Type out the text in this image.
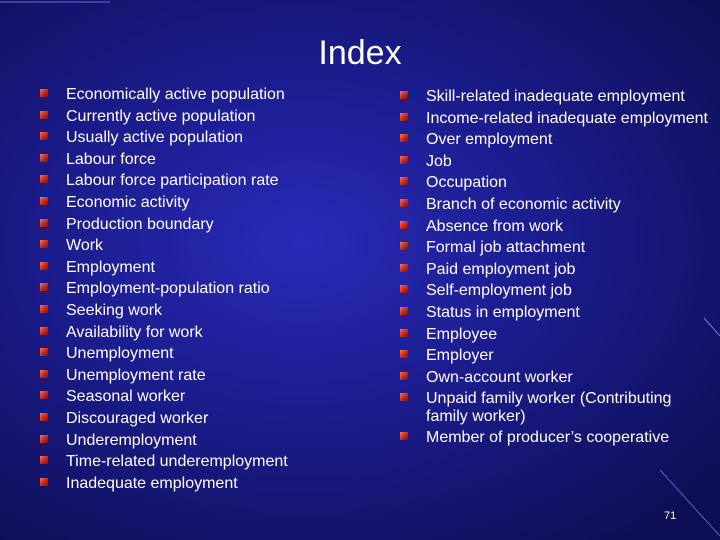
Index
Economically active population
Currently active population
Usually active population
Labour force
Labour force participation rate
Economic activity
Production boundary
Work
Employment
Employment-population ratio
Seeking work
Availability for work
Unemployment
Unemployment rate
Seasonal worker
Discouraged worker
Underemployment
Time-related underemployment
Inadequate employment
Skill-related inadequate employment
Income-related inadequate employment
Over employment
Job
Occupation
Branch of economic activity
Absence from work
Formal job attachment
Paid employment job
Self-employment job
Status in employment
Employee
Employer
Own-account worker
Unpaid family worker (Contributing family worker)
Member of producer’s cooperative
71
